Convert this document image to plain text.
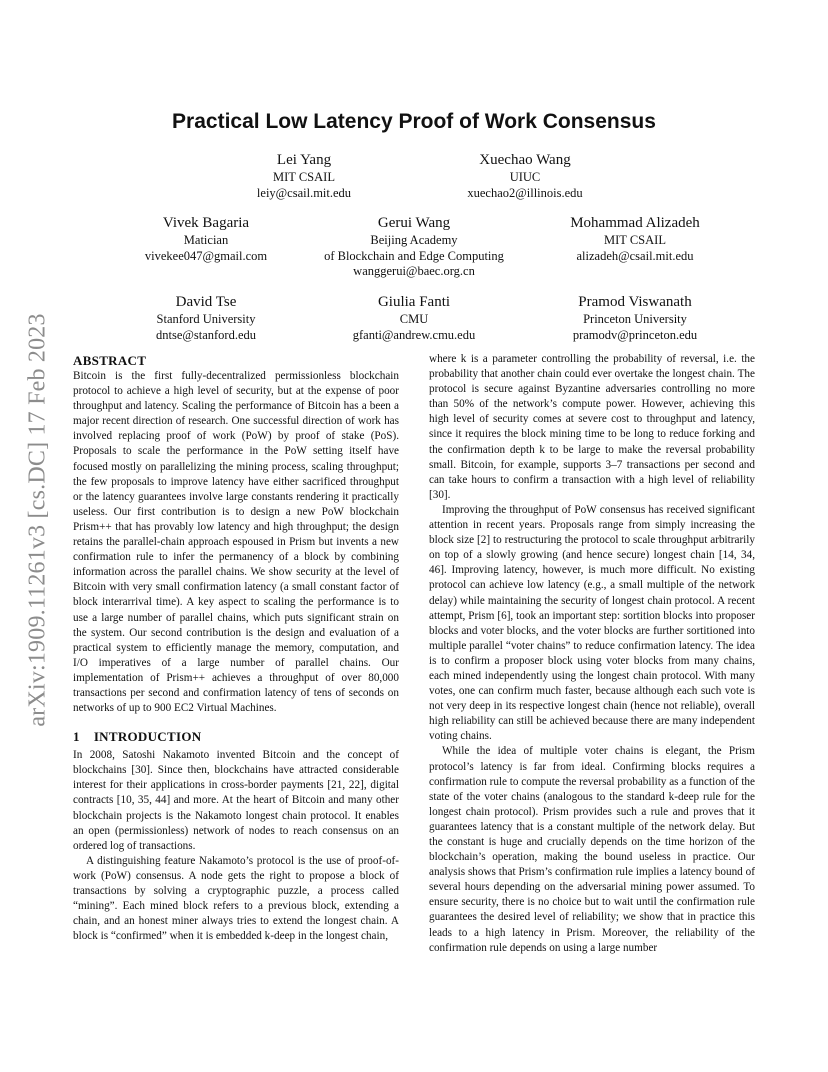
arXiv:1909.11261v3 [cs.DC] 17 Feb 2023
Practical Low Latency Proof of Work Consensus
Lei Yang
MIT CSAIL
leiy@csail.mit.edu
Xuechao Wang
UIUC
xuechao2@illinois.edu
Vivek Bagaria
Matician
vivekee047@gmail.com
Gerui Wang
Beijing Academy
of Blockchain and Edge Computing
wanggerui@baec.org.cn
Mohammad Alizadeh
MIT CSAIL
alizadeh@csail.mit.edu
David Tse
Stanford University
dntse@stanford.edu
Giulia Fanti
CMU
gfanti@andrew.cmu.edu
Pramod Viswanath
Princeton University
pramodv@princeton.edu
ABSTRACT

Bitcoin is the first fully-decentralized permissionless blockchain protocol to achieve a high level of security, but at the expense of poor throughput and latency. Scaling the performance of Bitcoin has a been a major recent direction of research. One successful direction of work has involved replacing proof of work (PoW) by proof of stake (PoS). Proposals to scale the performance in the PoW setting itself have focused mostly on parallelizing the mining process, scaling throughput; the few proposals to improve latency have either sacrificed throughput or the latency guarantees involve large constants rendering it practically useless. Our first contribution is to design a new PoW blockchain Prism++ that has provably low latency and high throughput; the design retains the parallel-chain approach espoused in Prism but invents a new confirmation rule to infer the permanency of a block by combining information across the parallel chains. We show security at the level of Bitcoin with very small confirmation latency (a small constant factor of block interarrival time). A key aspect to scaling the performance is to use a large number of parallel chains, which puts significant strain on the system. Our second contribution is the design and evaluation of a practical system to efficiently manage the memory, computation, and I/O imperatives of a large number of parallel chains. Our implementation of Prism++ achieves a throughput of over 80,000 transactions per second and confirmation latency of tens of seconds on networks of up to 900 EC2 Virtual Machines.

1 INTRODUCTION

In 2008, Satoshi Nakamoto invented Bitcoin and the concept of blockchains [30]. Since then, blockchains have attracted considerable interest for their applications in cross-border payments [21, 22], digital contracts [10, 35, 44] and more. At the heart of Bitcoin and many other blockchain projects is the Nakamoto longest chain protocol. It enables an open (permissionless) network of nodes to reach consensus on an ordered log of transactions.

A distinguishing feature Nakamoto’s protocol is the use of proof-of-work (PoW) consensus. A node gets the right to propose a block of transactions by solving a cryptographic puzzle, a process called “mining”. Each mined block refers to a previous block, extending a chain, and an honest miner always tries to extend the longest chain. A block is “confirmed” when it is embedded k-deep in the longest chain,

where k is a parameter controlling the probability of reversal, i.e. the probability that another chain could ever overtake the longest chain. The protocol is secure against Byzantine adversaries controlling no more than 50% of the network’s compute power. However, achieving this high level of security comes at severe cost to throughput and latency, since it requires the block mining time to be long to reduce forking and the confirmation depth k to be large to make the reversal probability small. Bitcoin, for example, supports 3–7 transactions per second and can take hours to confirm a transaction with a high level of reliability [30].

Improving the throughput of PoW consensus has received significant attention in recent years. Proposals range from simply increasing the block size [2] to restructuring the protocol to scale throughput arbitrarily on top of a slowly growing (and hence secure) longest chain [14, 34, 46]. Improving latency, however, is much more difficult. No existing protocol can achieve low latency (e.g., a small multiple of the network delay) while maintaining the security of longest chain protocol. A recent attempt, Prism [6], took an important step: sortition blocks into proposer blocks and voter blocks, and the voter blocks are further sortitioned into multiple parallel “voter chains” to reduce confirmation latency. The idea is to confirm a proposer block using voter blocks from many chains, each mined independently using the longest chain protocol. With many votes, one can confirm much faster, because although each such vote is not very deep in its respective longest chain (hence not reliable), overall high reliability can still be achieved because there are many independent voting chains.

While the idea of multiple voter chains is elegant, the Prism protocol’s latency is far from ideal. Confirming blocks requires a confirmation rule to compute the reversal probability as a function of the state of the voter chains (analogous to the standard k-deep rule for the longest chain protocol). Prism provides such a rule and proves that it guarantees latency that is a constant multiple of the network delay. But the constant is huge and crucially depends on the time horizon of the blockchain’s operation, making the bound useless in practice. Our analysis shows that Prism’s confirmation rule implies a latency bound of several hours depending on the adversarial mining power assumed. To ensure security, there is no choice but to wait until the confirmation rule guarantees the desired level of reliability; we show that in practice this leads to a high latency in Prism. Moreover, the reliability of the confirmation rule depends on using a large number
